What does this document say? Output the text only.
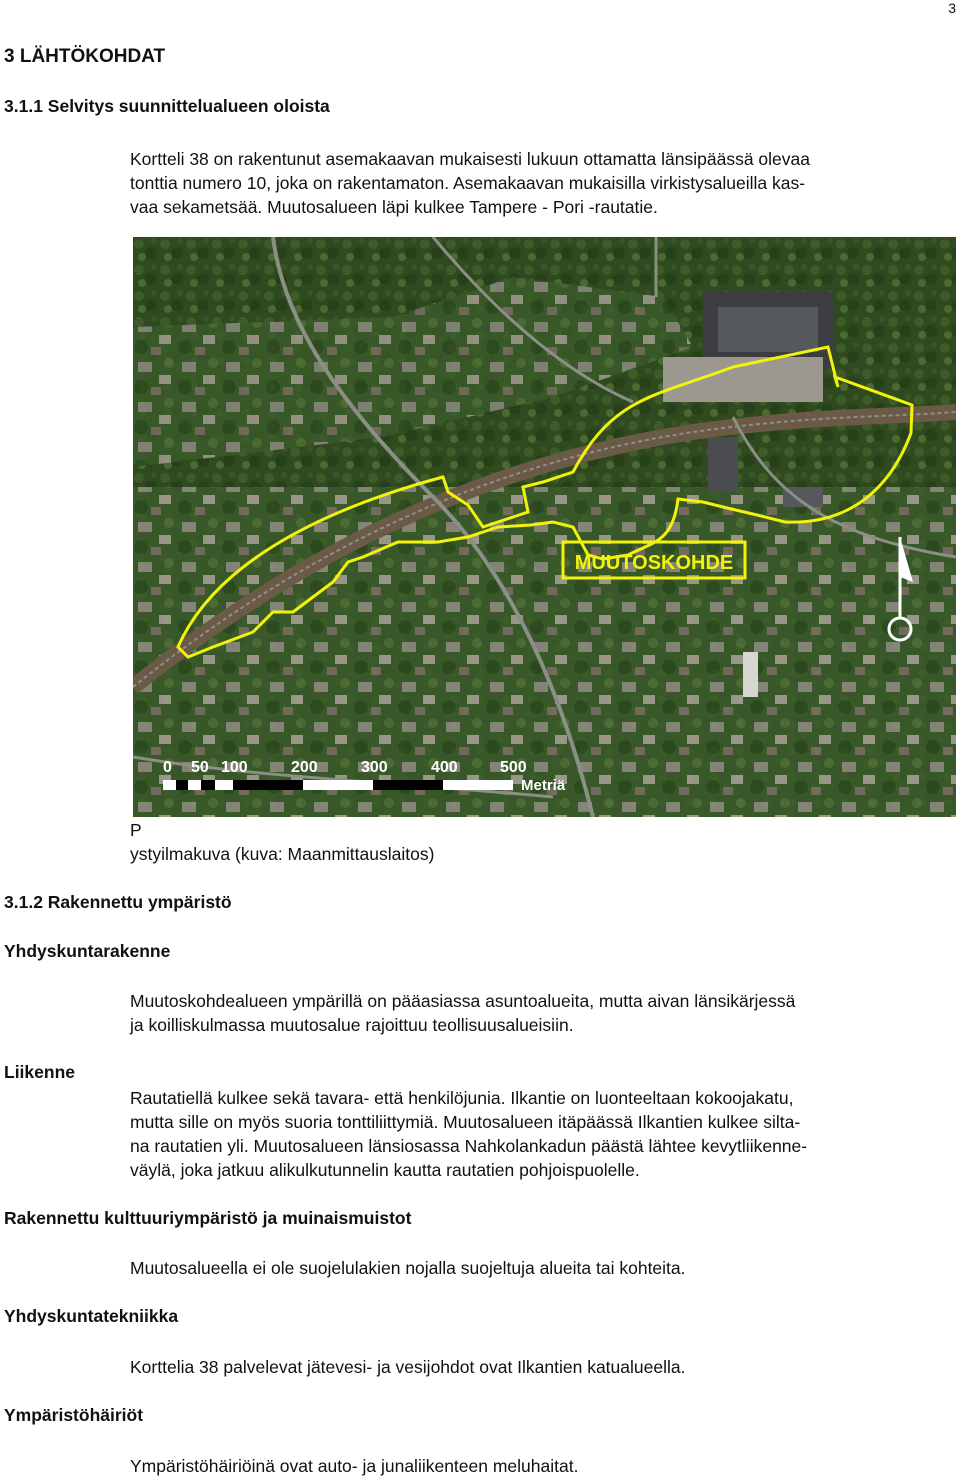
3
3 LÄHTÖKOHDAT
3.1.1 Selvitys suunnittelualueen oloista
Kortteli 38 on rakentunut asemakaavan mukaisesti lukuun ottamatta länsipäässä olevaa
tonttia numero 10, joka on rakentamaton. Asemakaavan mukaisilla virkistysalueilla kas-
vaa sekametsää. Muutosalueen läpi kulkee Tampere - Pori -rautatie.
MUUTOSKOHDE
0 50 100	200	300	400	500
Metriä
P
ystyilmakuva (kuva: Maanmittauslaitos)
3.1.2 Rakennettu ympäristö
Yhdyskuntarakenne
Muutoskohdealueen ympärillä on pääasiassa asuntoalueita, mutta aivan länsikärjessä
ja koilliskulmassa muutosalue rajoittuu teollisuusalueisiin.
Liikenne
Rautatiellä kulkee sekä tavara- että henkilöjunia. Ilkantie on luonteeltaan kokoojakatu,
mutta sille on myös suoria tonttiliittymiä. Muutosalueen itäpäässä Ilkantien kulkee silta-
na rautatien yli. Muutosalueen länsiosassa Nahkolankadun päästä lähtee kevytliikenne-
väylä, joka jatkuu alikulkutunnelin kautta rautatien pohjoispuolelle.
Rakennettu kulttuuriympäristö ja muinaismuistot
Muutosalueella ei ole suojelulakien nojalla suojeltuja alueita tai kohteita.
Yhdyskuntatekniikka
Korttelia 38 palvelevat jätevesi- ja vesijohdot ovat Ilkantien katualueella.
Ympäristöhäiriöt
Ympäristöhäiriöinä ovat auto- ja junaliikenteen meluhaitat.
